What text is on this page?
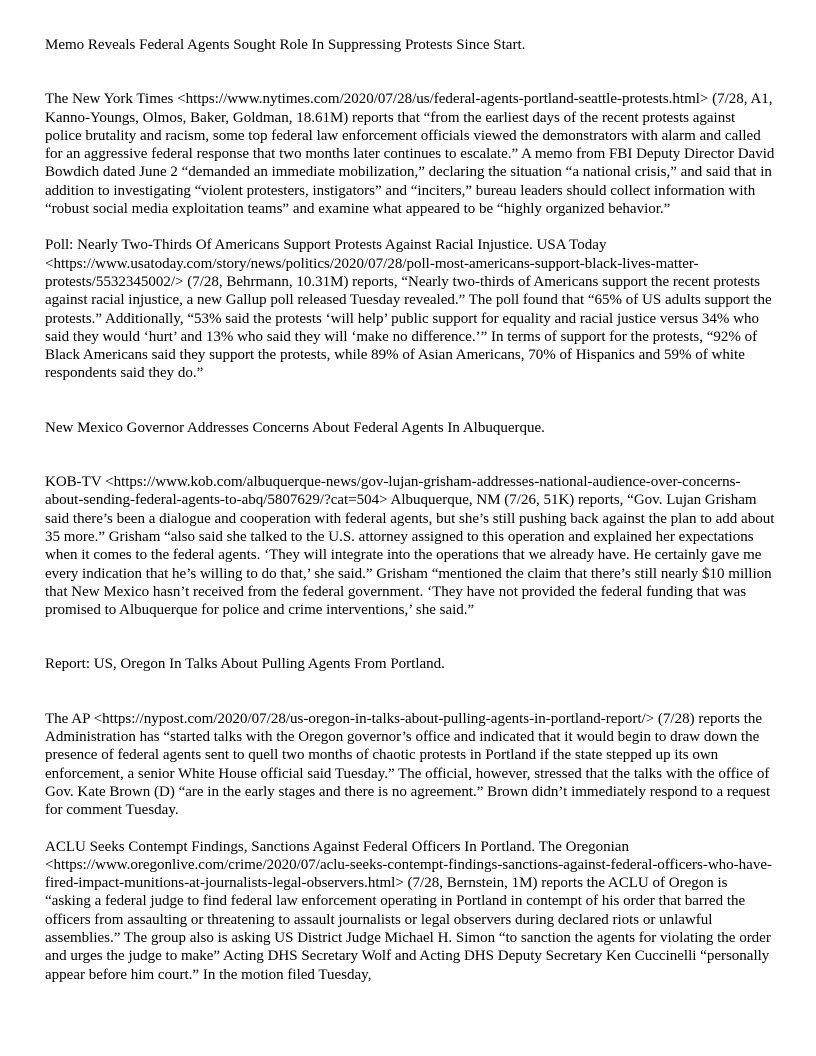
Memo Reveals Federal Agents Sought Role In Suppressing Protests Since Start.

The New York Times <https://www.nytimes.com/2020/07/28/us/federal-agents-portland-seattle-protests.html> (7/28, A1, Kanno-Youngs, Olmos, Baker, Goldman, 18.61M) reports that “from the earliest days of the recent protests against police brutality and racism, some top federal law enforcement officials viewed the demonstrators with alarm and called for an aggressive federal response that two months later continues to escalate.” A memo from FBI Deputy Director David Bowdich dated June 2 “demanded an immediate mobilization,” declaring the situation “a national crisis,” and said that in addition to investigating “violent protesters, instigators” and “inciters,” bureau leaders should collect information with “robust social media exploitation teams” and examine what appeared to be “highly organized behavior.”

Poll: Nearly Two-Thirds Of Americans Support Protests Against Racial Injustice. USA Today <https://www.usatoday.com/story/news/politics/2020/07/28/poll-most-americans-support-black-lives-matter-protests/5532345002/> (7/28, Behrmann, 10.31M) reports, “Nearly two-thirds of Americans support the recent protests against racial injustice, a new Gallup poll released Tuesday revealed.” The poll found that “65% of US adults support the protests.” Additionally, “53% said the protests ‘will help’ public support for equality and racial justice versus 34% who said they would ‘hurt’ and 13% who said they will ‘make no difference.’” In terms of support for the protests, “92% of Black Americans said they support the protests, while 89% of Asian Americans, 70% of Hispanics and 59% of white respondents said they do.”

New Mexico Governor Addresses Concerns About Federal Agents In Albuquerque.

KOB-TV <https://www.kob.com/albuquerque-news/gov-lujan-grisham-addresses-national-audience-over-concerns-about-sending-federal-agents-to-abq/5807629/?cat=504> Albuquerque, NM (7/26, 51K) reports, “Gov. Lujan Grisham said there’s been a dialogue and cooperation with federal agents, but she’s still pushing back against the plan to add about 35 more.” Grisham “also said she talked to the U.S. attorney assigned to this operation and explained her expectations when it comes to the federal agents. ‘They will integrate into the operations that we already have. He certainly gave me every indication that he’s willing to do that,’ she said.” Grisham “mentioned the claim that there’s still nearly $10 million that New Mexico hasn’t received from the federal government. ‘They have not provided the federal funding that was promised to Albuquerque for police and crime interventions,’ she said.”

Report: US, Oregon In Talks About Pulling Agents From Portland.

The AP <https://nypost.com/2020/07/28/us-oregon-in-talks-about-pulling-agents-in-portland-report/> (7/28) reports the Administration has “started talks with the Oregon governor’s office and indicated that it would begin to draw down the presence of federal agents sent to quell two months of chaotic protests in Portland if the state stepped up its own enforcement, a senior White House official said Tuesday.” The official, however, stressed that the talks with the office of Gov. Kate Brown (D) “are in the early stages and there is no agreement.” Brown didn’t immediately respond to a request for comment Tuesday.

ACLU Seeks Contempt Findings, Sanctions Against Federal Officers In Portland. The Oregonian <https://www.oregonlive.com/crime/2020/07/aclu-seeks-contempt-findings-sanctions-against-federal-officers-who-have-fired-impact-munitions-at-journalists-legal-observers.html> (7/28, Bernstein, 1M) reports the ACLU of Oregon is “asking a federal judge to find federal law enforcement operating in Portland in contempt of his order that barred the officers from assaulting or threatening to assault journalists or legal observers during declared riots or unlawful assemblies.” The group also is asking US District Judge Michael H. Simon “to sanction the agents for violating the order and urges the judge to make” Acting DHS Secretary Wolf and Acting DHS Deputy Secretary Ken Cuccinelli “personally appear before him court.” In the motion filed Tuesday,
